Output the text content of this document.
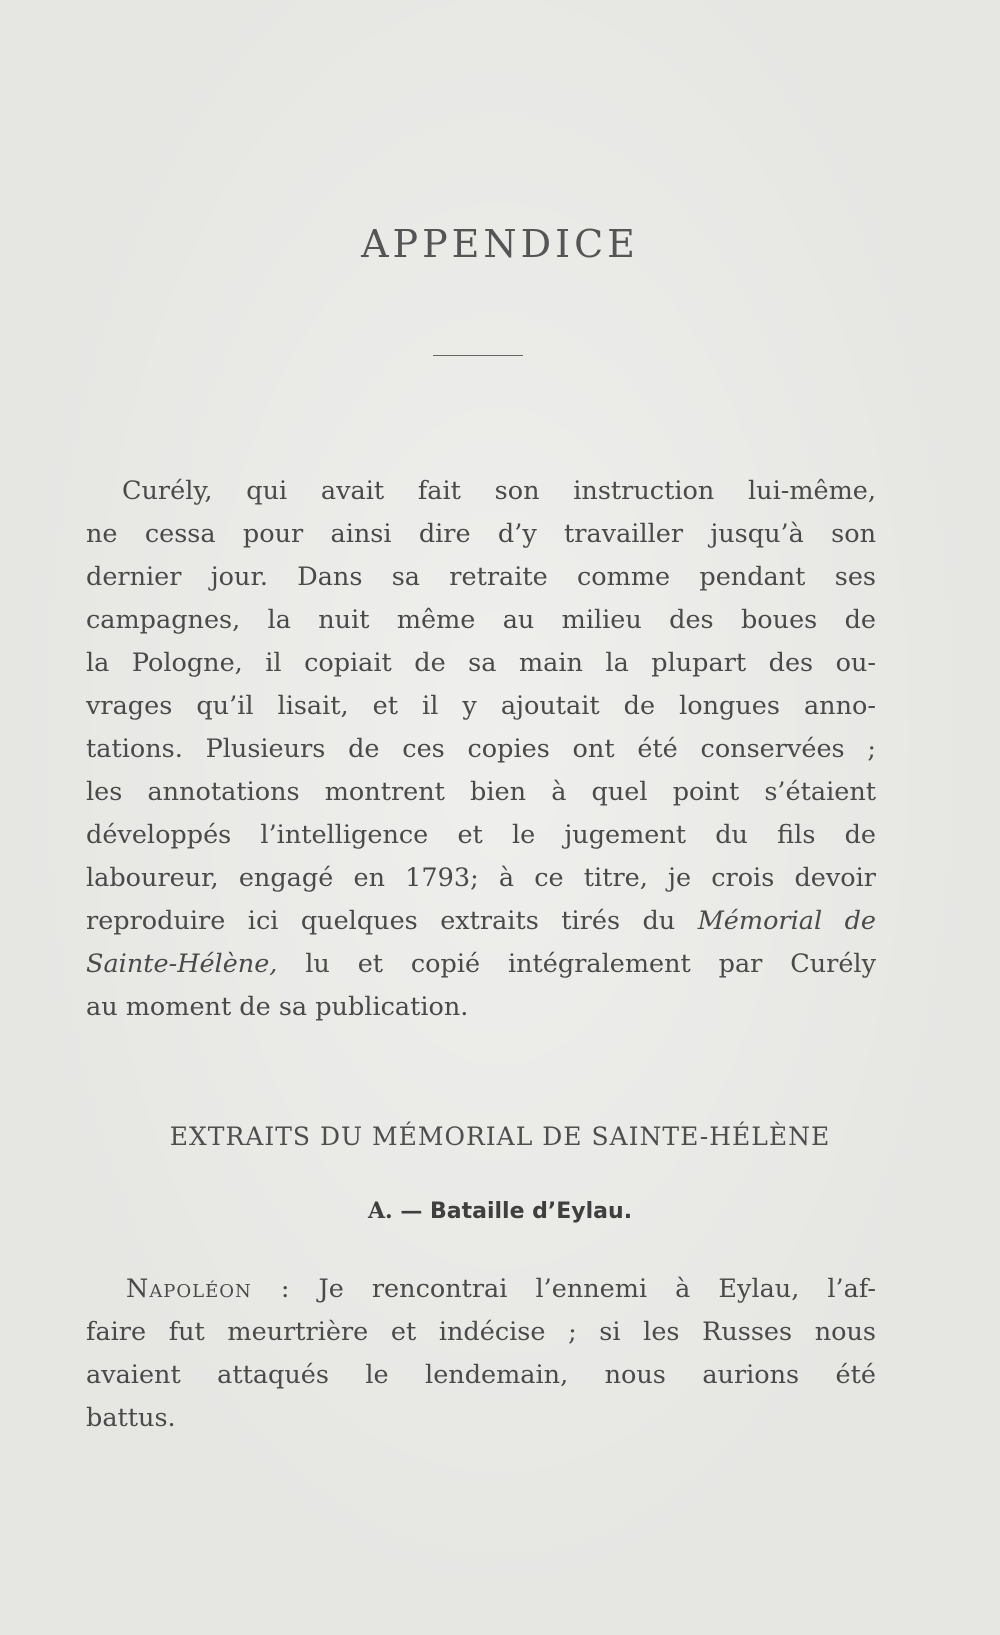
APPENDICE
Curély, qui avait fait son instruction lui-même,
ne cessa pour ainsi dire d’y travailler jusqu’à son
dernier jour. Dans sa retraite comme pendant ses
campagnes, la nuit même au milieu des boues de
la Pologne, il copiait de sa main la plupart des ou-
vrages qu’il lisait, et il y ajoutait de longues anno-
tations. Plusieurs de ces copies ont été conservées ;
les annotations montrent bien à quel point s’étaient
développés l’intelligence et le jugement du fils de
laboureur, engagé en 1793; à ce titre, je crois devoir
reproduire ici quelques extraits tirés du Mémorial de
Sainte-Hélène, lu et copié intégralement par Curély
au moment de sa publication.
EXTRAITS DU MÉMORIAL DE SAINTE-HÉLÈNE
A. — Bataille d’Eylau.
Napoléon : Je rencontrai l’ennemi à Eylau, l’af-
faire fut meurtrière et indécise ; si les Russes nous
avaient attaqués le lendemain, nous aurions été
battus.
